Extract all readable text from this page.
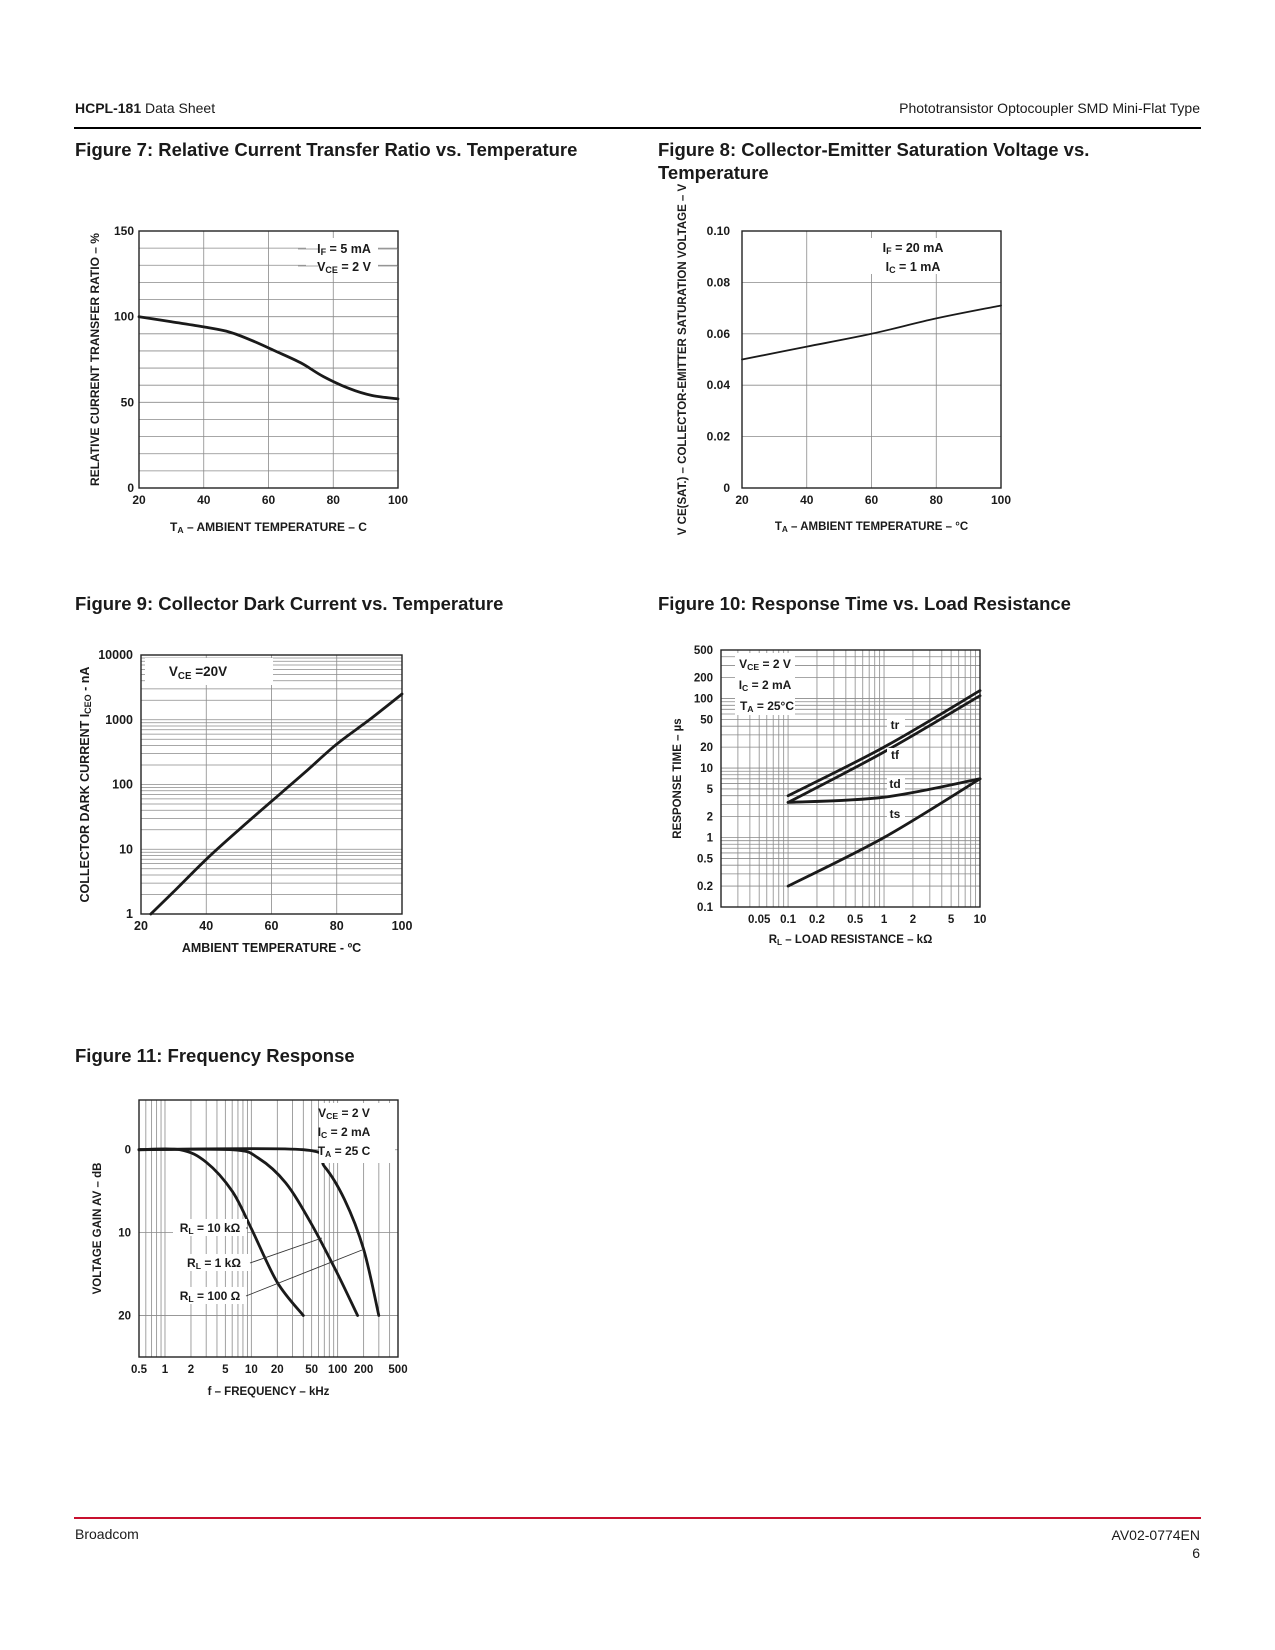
HCPL-181 Data Sheet	Phototransistor Optocoupler SMD Mini-Flat Type
Figure 7: Relative Current Transfer Ratio vs. Temperature	Figure 8: Collector-Emitter Saturation Voltage vs. Temperature
Figure 9: Collector Dark Current vs. Temperature	Figure 10: Response Time vs. Load Resistance
Figure 11: Frequency Response
20	40	60	80	100
0
50
100
150
TA – AMBIENT TEMPERATURE – C
RELATIVE CURRENT TRANSFER RATIO – %	IF = 5 mA
VCE = 2 V
20	40	60	80	100
0
0.02
0.04
0.06
0.08
0.10
TA – AMBIENT TEMPERATURE – °C
V CE(SAT.) – COLLECTOR-EMITTER SATURATION VOLTAGE – V	IF = 20 mA
IC = 1 mA
20	40	60	80	100
1
10
100
1000
10000
AMBIENT TEMPERATURE - ºC
COLLECTOR DARK CURRENT ICEO - nA	VCE =20V
0.05 0.1 0.2 0.5 1 2	5 10
0.1
0.2
0.5
1
2
5
10
20
50
100
200
500
RL – LOAD RESISTANCE – kΩ
RESPONSE TIME – µs
VCE = 2 V
IC = 2 mA
TA = 25°C
tr
tf
td
ts
0.5 1 2 5 10 20 50 100 200 500
0
10
20
f – FREQUENCY – kHz
VOLTAGE GAIN AV – dB
VCE = 2 V
IC = 2 mA
TA = 25 C
RL = 10 kΩ
RL = 1 kΩ
RL = 100 Ω
Broadcom	AV02-0774EN
6
